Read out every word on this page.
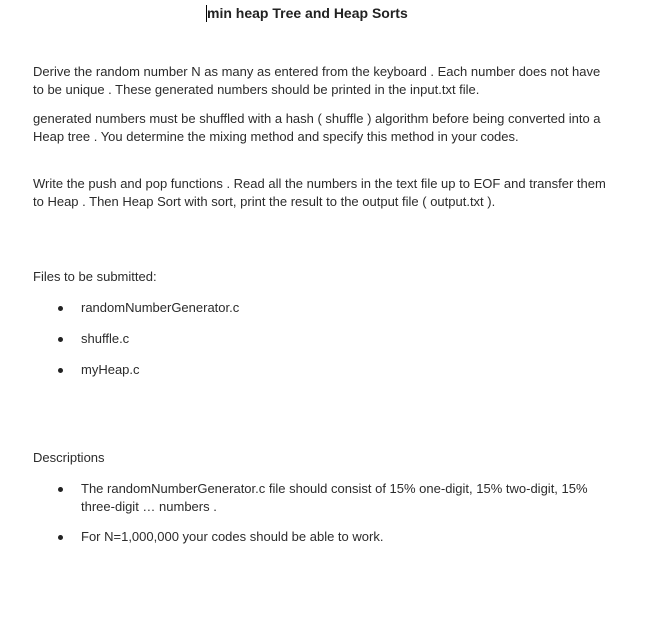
min heap Tree and Heap Sorts

Derive the random number N as many as entered from the keyboard . Each number does not have to be unique . These generated numbers should be printed in the input.txt file.

generated numbers must be shuffled with a hash ( shuffle ) algorithm before being converted into a Heap tree . You determine the mixing method and specify this method in your codes.

Write the push and pop functions . Read all the numbers in the text file up to EOF and transfer them to Heap . Then Heap Sort with sort, print the result to the output file ( output.txt ).

Files to be submitted:

randomNumberGenerator.c
shuffle.c
myHeap.c

Descriptions

The randomNumberGenerator.c file should consist of 15% one-digit, 15% two-digit, 15% three-digit … numbers .
For N=1,000,000 your codes should be able to work.
